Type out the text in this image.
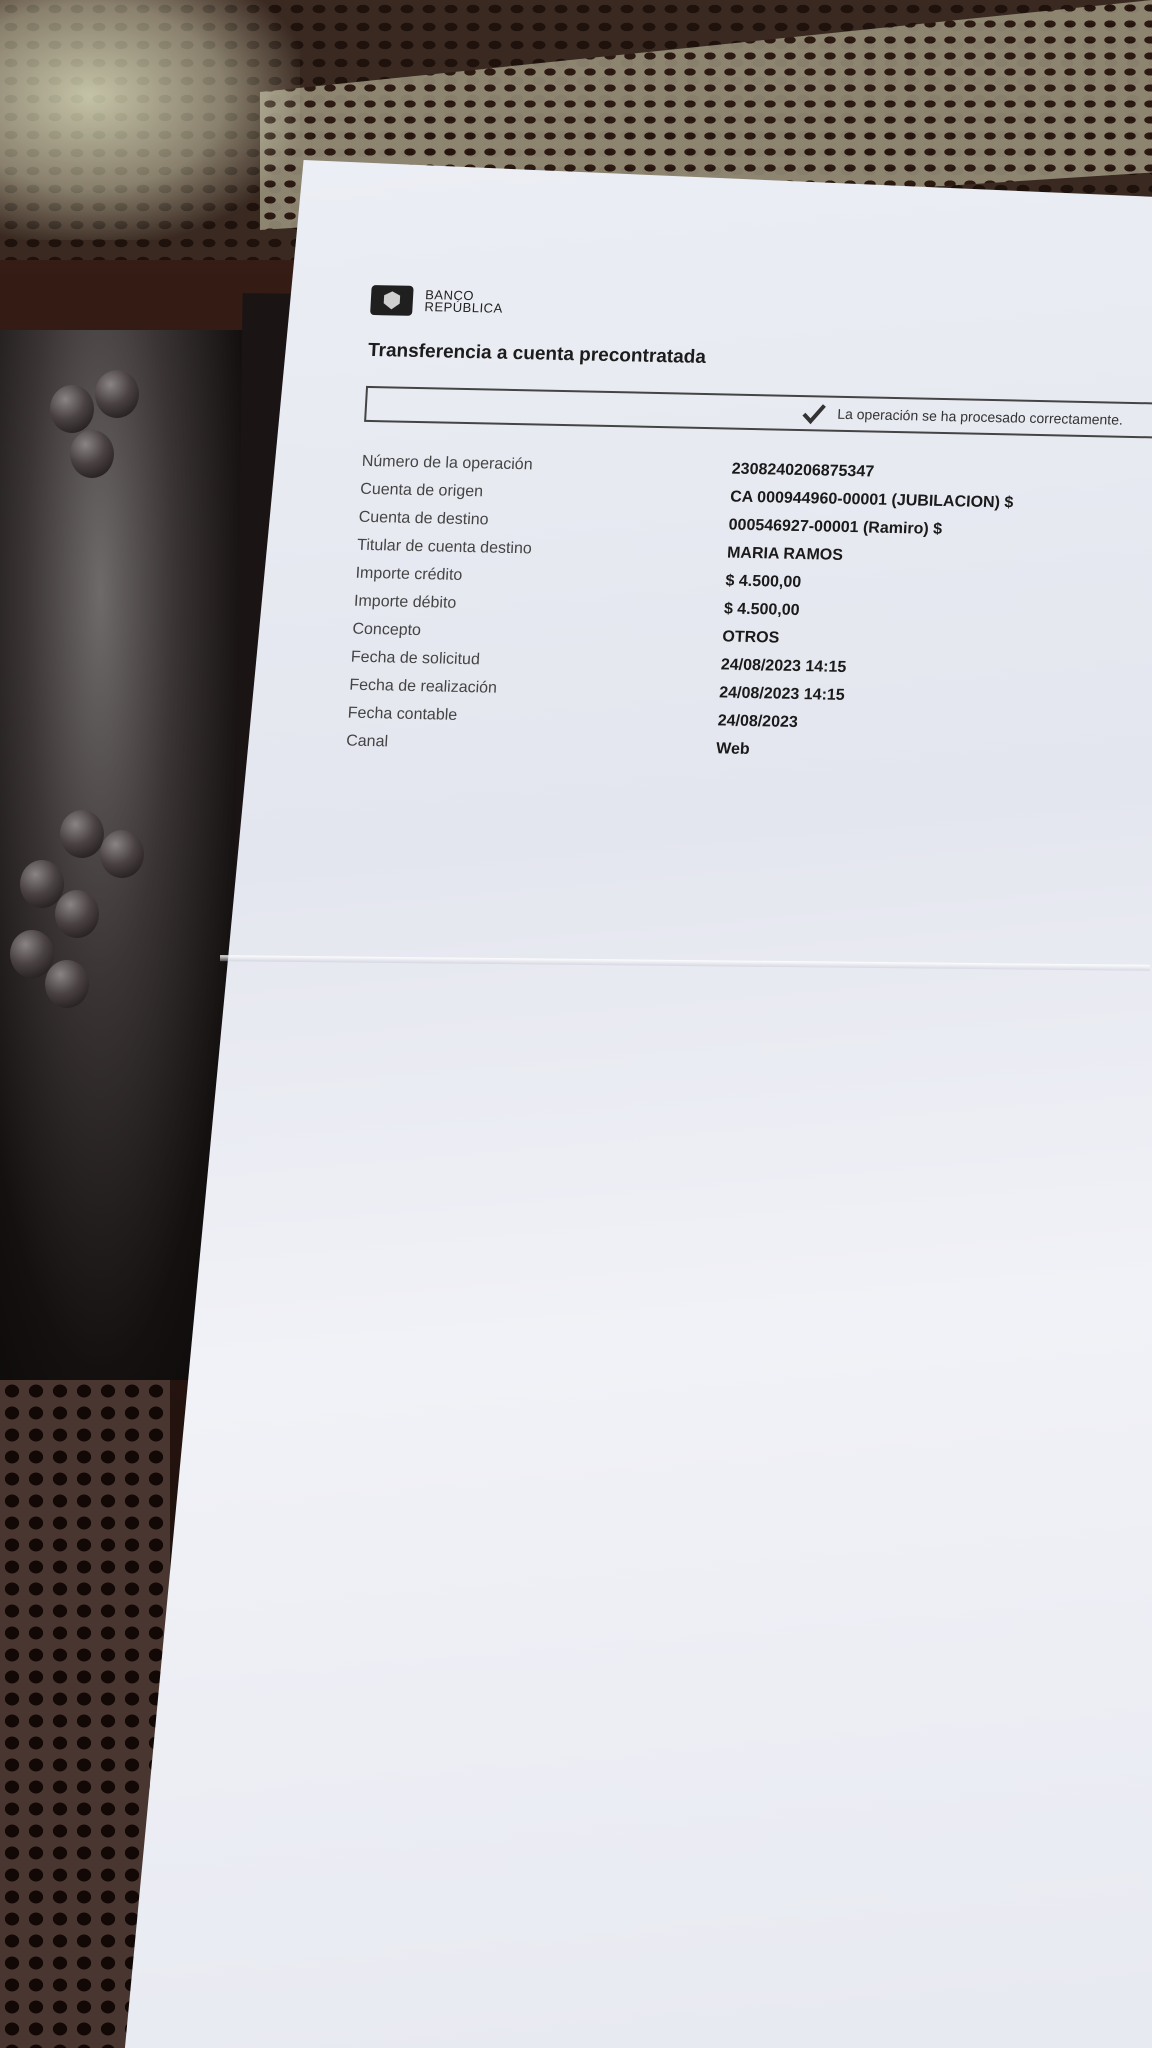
BANCO
REPÚBLICA
Transferencia a cuenta precontratada
La operación se ha procesado correctamente.
Número de la operación	2308240206875347
Cuenta de origen	CA 000944960-00001 (JUBILACION) $
Cuenta de destino	000546927-00001 (Ramiro) $
Titular de cuenta destino	MARIA RAMOS
Importe crédito	$ 4.500,00
Importe débito	$ 4.500,00
Concepto	OTROS
Fecha de solicitud	24/08/2023 14:15
Fecha de realización	24/08/2023 14:15
Fecha contable	24/08/2023
Canal	Web
